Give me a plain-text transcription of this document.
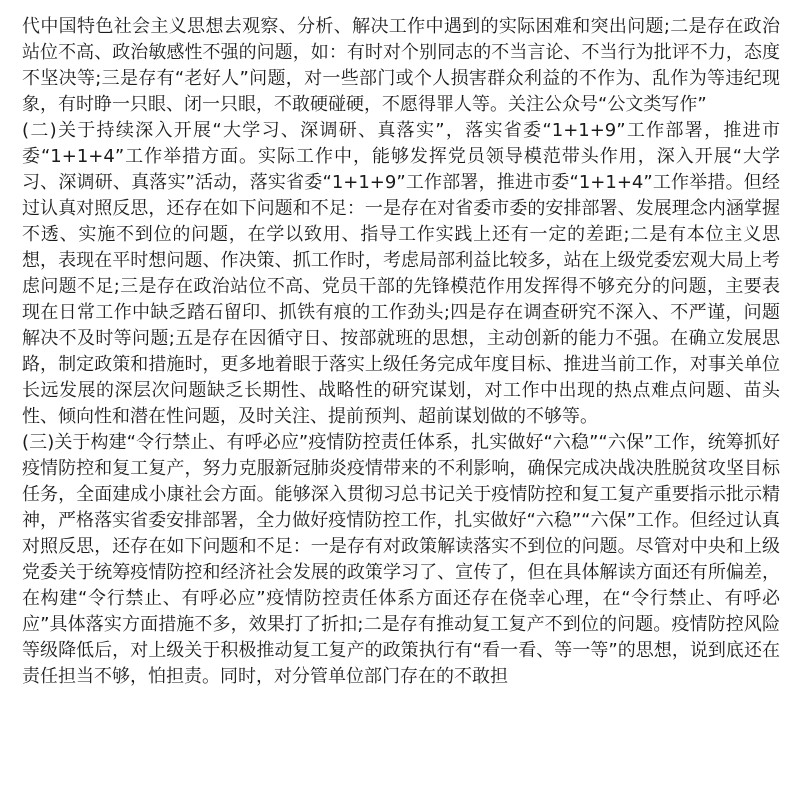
代中国特色社会主义思想去观察、分析、解决工作中遇到的实际困难和突出问题;二是存在政治站位不高、政治敏感性不强的问题，如：有时对个别同志的不当言论、不当行为批评不力，态度不坚决等;三是存有“老好人”问题，对一些部门或个人损害群众利益的不作为、乱作为等违纪现象，有时睁一只眼、闭一只眼，不敢硬碰硬，不愿得罪人等。关注公众号“公文类写作”

(二)关于持续深入开展“大学习、深调研、真落实”，落实省委“1+1+9”工作部署，推进市委“1+1+4”工作举措方面。实际工作中，能够发挥党员领导模范带头作用，深入开展“大学习、深调研、真落实”活动，落实省委“1+1+9”工作部署，推进市委“1+1+4”工作举措。但经过认真对照反思，还存在如下问题和不足：一是存在对省委市委的安排部署、发展理念内涵掌握不透、实施不到位的问题，在学以致用、指导工作实践上还有一定的差距;二是有本位主义思想，表现在平时想问题、作决策、抓工作时，考虑局部利益比较多，站在上级党委宏观大局上考虑问题不足;三是存在政治站位不高、党员干部的先锋模范作用发挥得不够充分的问题，主要表现在日常工作中缺乏踏石留印、抓铁有痕的工作劲头;四是存在调查研究不深入、不严谨，问题解决不及时等问题;五是存在因循守日、按部就班的思想，主动创新的能力不强。在确立发展思路，制定政策和措施时，更多地着眼于落实上级任务完成年度目标、推进当前工作，对事关单位长远发展的深层次问题缺乏长期性、战略性的研究谋划，对工作中出现的热点难点问题、苗头性、倾向性和潜在性问题，及时关注、提前预判、超前谋划做的不够等。

(三)关于构建“令行禁止、有呼必应”疫情防控责任体系，扎实做好“六稳”“六保”工作，统筹抓好疫情防控和复工复产，努力克服新冠肺炎疫情带来的不利影响，确保完成决战决胜脱贫攻坚目标任务，全面建成小康社会方面。能够深入贯彻习总书记关于疫情防控和复工复产重要指示批示精神，严格落实省委安排部署，全力做好疫情防控工作，扎实做好“六稳”“六保”工作。但经过认真对照反思，还存在如下问题和不足：一是存有对政策解读落实不到位的问题。尽管对中央和上级党委关于统筹疫情防控和经济社会发展的政策学习了、宣传了，但在具体解读方面还有所偏差，在构建“令行禁止、有呼必应”疫情防控责任体系方面还存在侥幸心理，在“令行禁止、有呼必应”具体落实方面措施不多，效果打了折扣;二是存有推动复工复产不到位的问题。疫情防控风险等级降低后，对上级关于积极推动复工复产的政策执行有“看一看、等一等”的思想，说到底还在责任担当不够，怕担责。同时，对分管单位部门存在的不敢担
